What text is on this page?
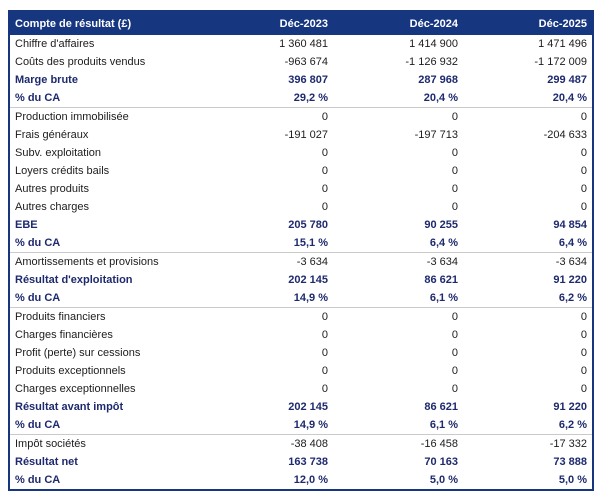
Compte de résultat (£)	Déc-2023	Déc-2024	Déc-2025
Chiffre d'affaires	1 360 481	1 414 900	1 471 496
Coûts des produits vendus	-963 674	-1 126 932	-1 172 009
Marge brute	396 807	287 968	299 487
% du CA	29,2 %	20,4 %	20,4 %
Production immobilisée	0	0	0
Frais généraux	-191 027	-197 713	-204 633
Subv. exploitation	0	0	0
Loyers crédits bails	0	0	0
Autres produits	0	0	0
Autres charges	0	0	0
EBE	205 780	90 255	94 854
% du CA	15,1 %	6,4 %	6,4 %
Amortissements et provisions	-3 634	-3 634	-3 634
Résultat d'exploitation	202 145	86 621	91 220
% du CA	14,9 %	6,1 %	6,2 %
Produits financiers	0	0	0
Charges financières	0	0	0
Profit (perte) sur cessions	0	0	0
Produits exceptionnels	0	0	0
Charges exceptionnelles	0	0	0
Résultat avant impôt	202 145	86 621	91 220
% du CA	14,9 %	6,1 %	6,2 %
Impôt sociétés	-38 408	-16 458	-17 332
Résultat net	163 738	70 163	73 888
% du CA	12,0 %	5,0 %	5,0 %
